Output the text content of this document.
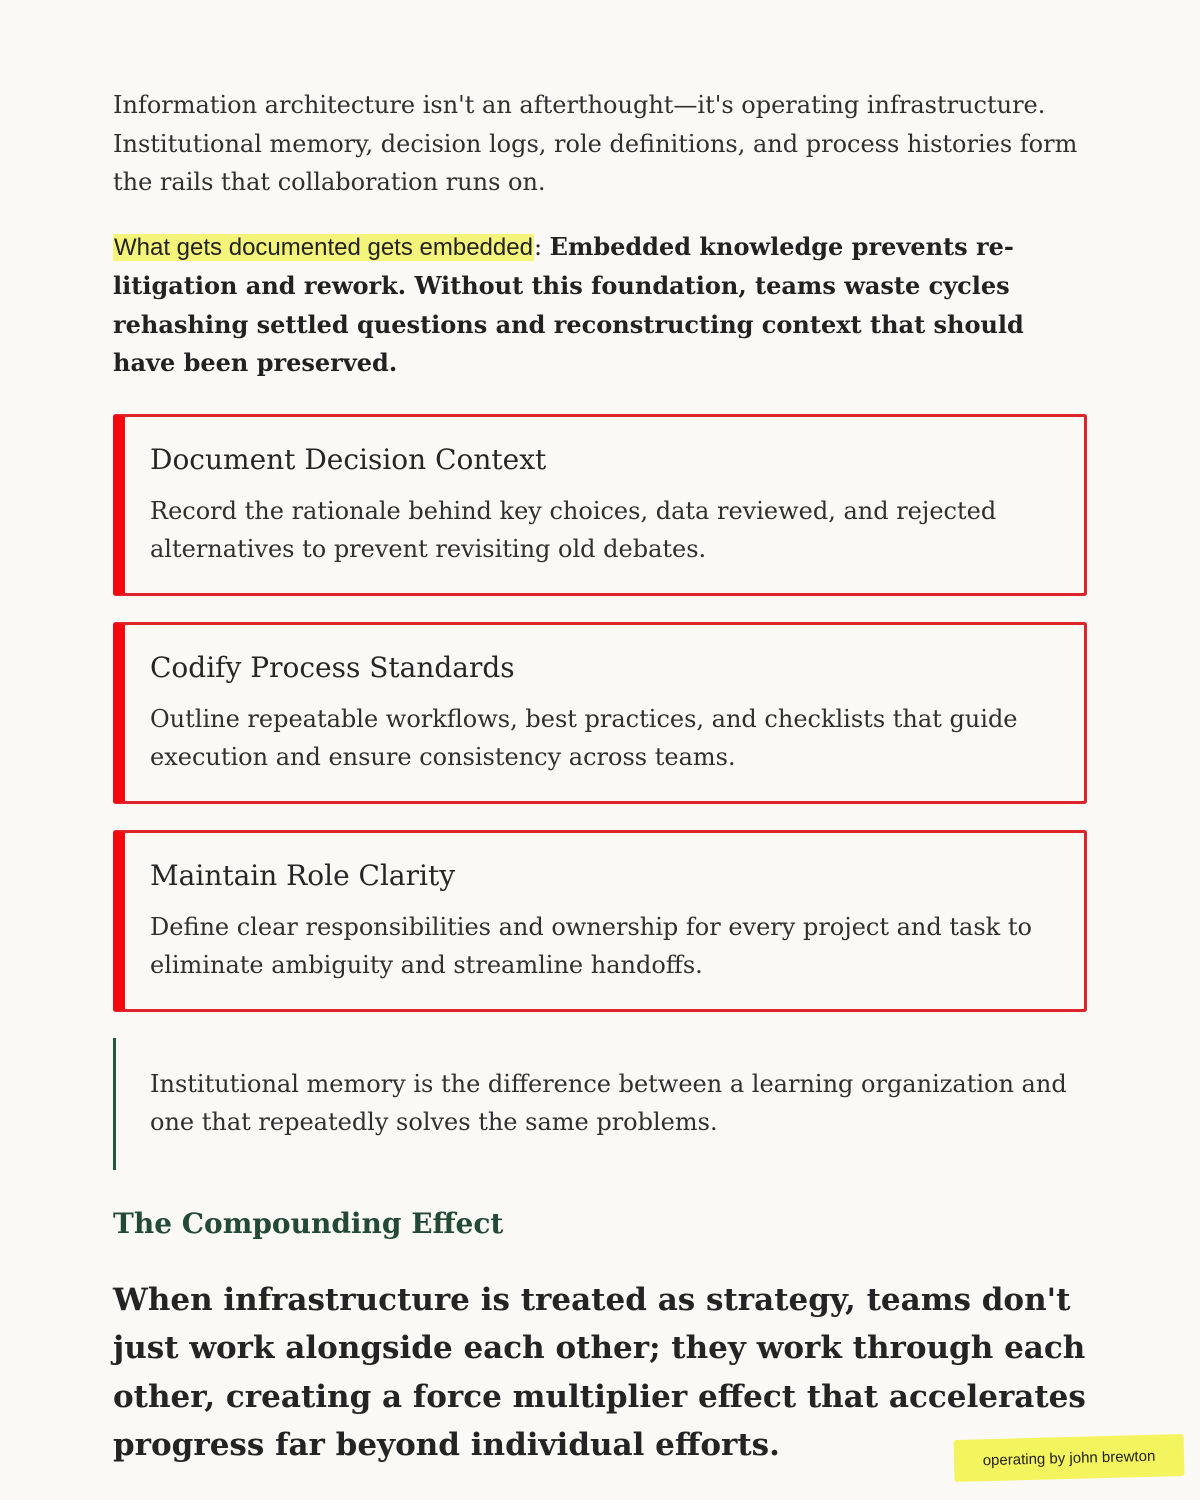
Information architecture isn't an afterthought—it's operating infrastructure. Institutional memory, decision logs, role definitions, and process histories form the rails that collaboration runs on.

What gets documented gets embedded: Embedded knowledge prevents re-litigation and rework. Without this foundation, teams waste cycles rehashing settled questions and reconstructing context that should have been preserved.

Document Decision Context

Record the rationale behind key choices, data reviewed, and rejected alternatives to prevent revisiting old debates.

Codify Process Standards

Outline repeatable workflows, best practices, and checklists that guide execution and ensure consistency across teams.

Maintain Role Clarity

Define clear responsibilities and ownership for every project and task to eliminate ambiguity and streamline handoffs.

Institutional memory is the difference between a learning organization and one that repeatedly solves the same problems.

The Compounding Effect

When infrastructure is treated as strategy, teams don't just work alongside each other; they work through each other, creating a force multiplier effect that accelerates progress far beyond individual efforts.	operating by john brewton
